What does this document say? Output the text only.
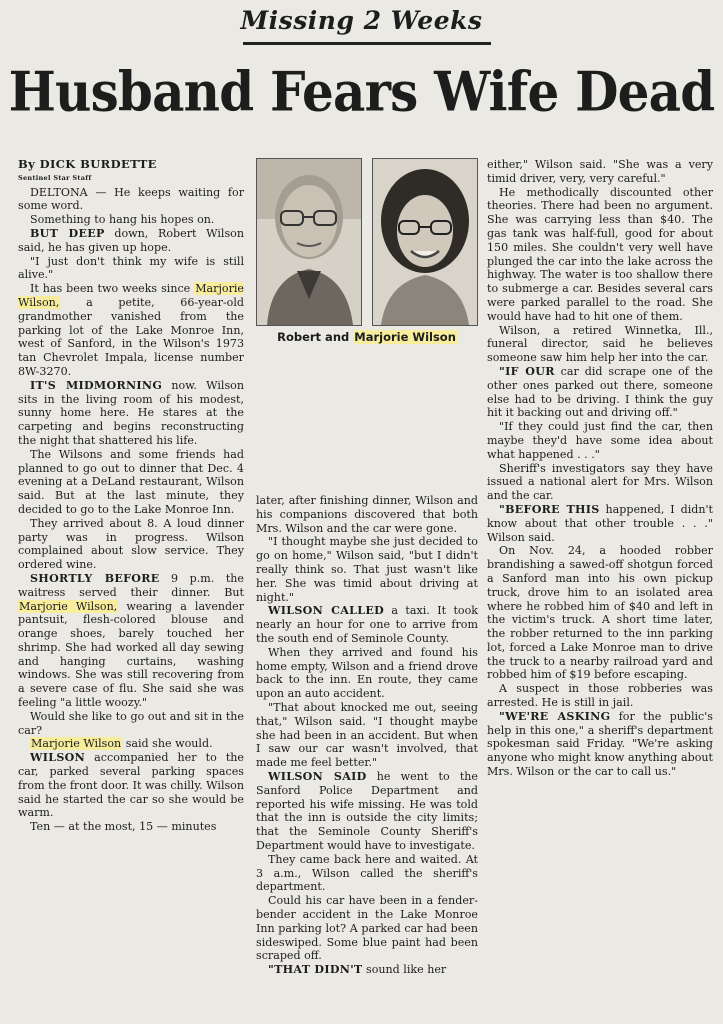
Missing 2 Weeks
Husband Fears Wife Dead

By DICK BURDETTE

Sentinel Star Staff

DELTONA — He keeps waiting for some word.

Something to hang his hopes on.

BUT DEEP down, Robert Wilson said, he has given up hope.

"I just don't think my wife is still alive."

It has been two weeks since Marjorie Wilson, a petite, 66-year-old grandmother vanished from the parking lot of the Lake Monroe Inn, west of Sanford, in the Wilson's 1973 tan Chevrolet Impala, license number 8W-3270.

IT'S MIDMORNING now. Wilson sits in the living room of his modest, sunny home here. He stares at the carpeting and begins reconstructing the night that shattered his life.

The Wilsons and some friends had planned to go out to dinner that Dec. 4 evening at a DeLand restaurant, Wilson said. But at the last minute, they decided to go to the Lake Monroe Inn.

They arrived about 8. A loud dinner party was in progress. Wilson complained about slow service. They ordered wine.

SHORTLY BEFORE 9 p.m. the waitress served their dinner. But Marjorie Wilson, wearing a lavender pantsuit, flesh-colored blouse and orange shoes, barely touched her shrimp. She had worked all day sewing and hanging curtains, washing windows. She was still recovering from a severe case of flu. She said she was feeling "a little woozy."

Would she like to go out and sit in the car?

Marjorie Wilson said she would.

WILSON accompanied her to the car, parked several parking spaces from the front door. It was chilly. Wilson said he started the car so she would be warm.

Ten — at the most, 15 — minutes

Robert and Marjorie Wilson

later, after finishing dinner, Wilson and his companions discovered that both Mrs. Wilson and the car were gone.

"I thought maybe she just decided to go on home," Wilson said, "but I didn't really think so. That just wasn't like her. She was timid about driving at night."

WILSON CALLED a taxi. It took nearly an hour for one to arrive from the south end of Seminole County.

When they arrived and found his home empty, Wilson and a friend drove back to the inn. En route, they came upon an auto accident.

"That about knocked me out, seeing that," Wilson said. "I thought maybe she had been in an accident. But when I saw our car wasn't involved, that made me feel better."

WILSON SAID he went to the Sanford Police Department and reported his wife missing. He was told that the inn is outside the city limits; that the Seminole County Sheriff's Department would have to investigate.

They came back here and waited. At 3 a.m., Wilson called the sheriff's department.

Could his car have been in a fender-bender accident in the Lake Monroe Inn parking lot? A parked car had been sideswiped. Some blue paint had been scraped off.

"THAT DIDN'T sound like her

either," Wilson said. "She was a very timid driver, very, very careful."

He methodically discounted other theories. There had been no argument. She was carrying less than $40. The gas tank was half-full, good for about 150 miles. She couldn't very well have plunged the car into the lake across the highway. The water is too shallow there to submerge a car. Besides several cars were parked parallel to the road. She would have had to hit one of them.

Wilson, a retired Winnetka, Ill., funeral director, said he believes someone saw him help her into the car.

"IF OUR car did scrape one of the other ones parked out there, someone else had to be driving. I think the guy hit it backing out and driving off."

"If they could just find the car, then maybe they'd have some idea about what happened . . ."

Sheriff's investigators say they have issued a national alert for Mrs. Wilson and the car.

"BEFORE THIS happened, I didn't know about that other trouble . . ." Wilson said.

On Nov. 24, a hooded robber brandishing a sawed-off shotgun forced a Sanford man into his own pickup truck, drove him to an isolated area where he robbed him of $40 and left in the victim's truck. A short time later, the robber returned to the inn parking lot, forced a Lake Monroe man to drive the truck to a nearby railroad yard and robbed him of $19 before escaping.

A suspect in those robberies was arrested. He is still in jail.

"WE'RE ASKING for the public's help in this one," a sheriff's department spokesman said Friday. "We're asking anyone who might know anything about Mrs. Wilson or the car to call us."
